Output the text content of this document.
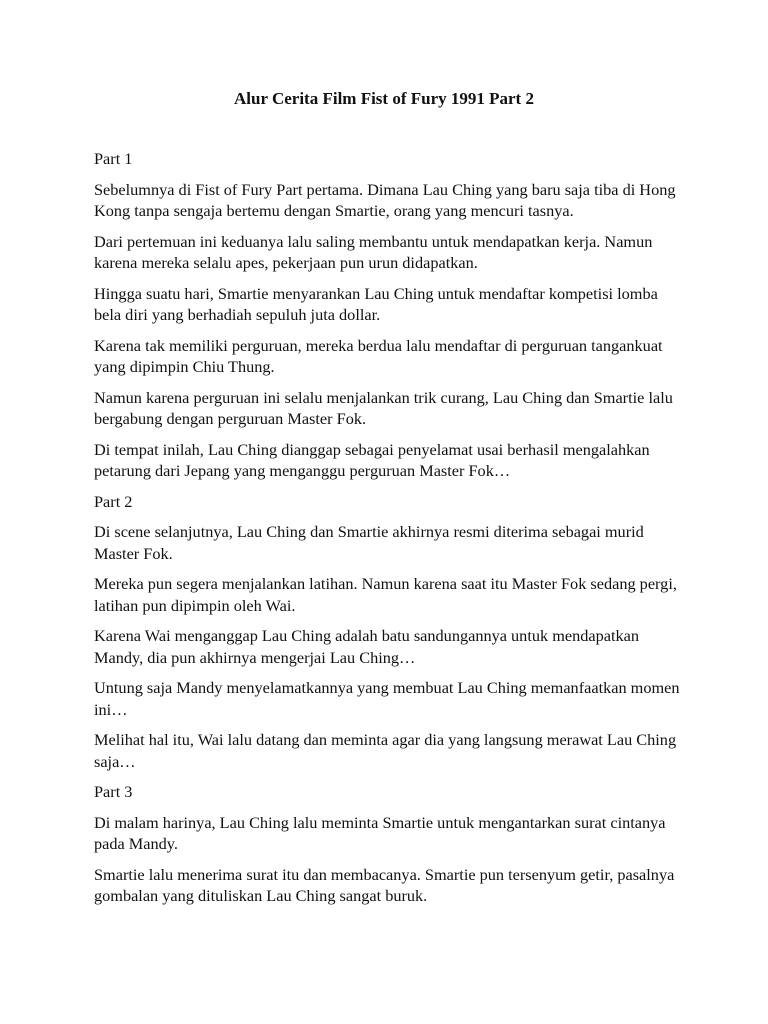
Alur Cerita Film Fist of Fury 1991 Part 2

Part 1

Sebelumnya di Fist of Fury Part pertama. Dimana Lau Ching yang baru saja tiba di Hong Kong tanpa sengaja bertemu dengan Smartie, orang yang mencuri tasnya.

Dari pertemuan ini keduanya lalu saling membantu untuk mendapatkan kerja. Namun karena mereka selalu apes, pekerjaan pun urun didapatkan.

Hingga suatu hari, Smartie menyarankan Lau Ching untuk mendaftar kompetisi lomba bela diri yang berhadiah sepuluh juta dollar.

Karena tak memiliki perguruan, mereka berdua lalu mendaftar di perguruan tangankuat yang dipimpin Chiu Thung.

Namun karena perguruan ini selalu menjalankan trik curang, Lau Ching dan Smartie lalu bergabung dengan perguruan Master Fok.

Di tempat inilah, Lau Ching dianggap sebagai penyelamat usai berhasil mengalahkan petarung dari Jepang yang menganggu perguruan Master Fok…

Part 2

Di scene selanjutnya, Lau Ching dan Smartie akhirnya resmi diterima sebagai murid Master Fok.

Mereka pun segera menjalankan latihan. Namun karena saat itu Master Fok sedang pergi, latihan pun dipimpin oleh Wai.

Karena Wai menganggap Lau Ching adalah batu sandungannya untuk mendapatkan Mandy, dia pun akhirnya mengerjai Lau Ching…

Untung saja Mandy menyelamatkannya yang membuat Lau Ching memanfaatkan momen ini…

Melihat hal itu, Wai lalu datang dan meminta agar dia yang langsung merawat Lau Ching saja…

Part 3

Di malam harinya, Lau Ching lalu meminta Smartie untuk mengantarkan surat cintanya pada Mandy.

Smartie lalu menerima surat itu dan membacanya. Smartie pun tersenyum getir, pasalnya gombalan yang dituliskan Lau Ching sangat buruk.
